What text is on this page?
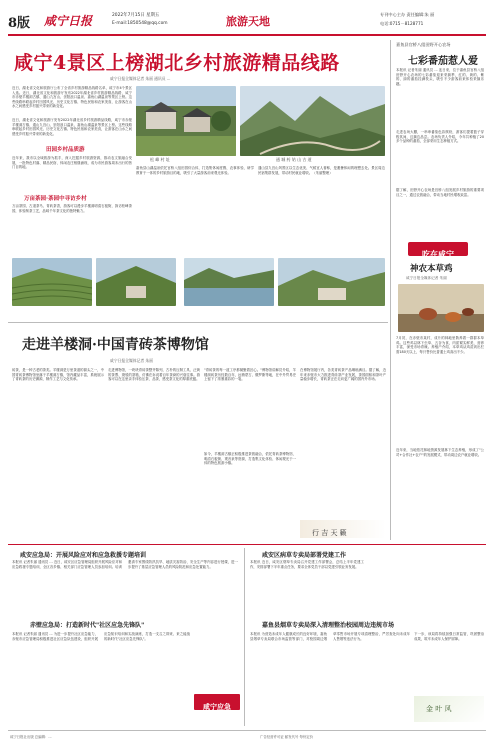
8版 咸宁日报	2022年7月15日 星期五
E-mail:1850548@qq.com	旅游天地
专刊中心主办 责任编辑:朱 丽
电话:0715－8128771
咸宁4景区上榜湖北乡村旅游精品线路
咸宁日报全媒体记者 朱丽 通讯员 ...
近日，湖北省文化和旅游厅公布了全省乡村旅游精品线路名单，咸宁市4个景区入选。近日，湖北省文化和旅游厅发布2022年湖北省乡村旅游精品线路，咸宁市赤壁羊楼洞古镇、通山九宫山、崇阳浪口温泉、嘉鱼山湖温泉等景区上榜。这些线路串联起乡村田园风光、历史文化古镇、特色民宿和农家美食，让游客在山水之间感受乡村振兴带来的新变化。
近日，湖北省文化和旅游厅发布2022年湖北省乡村旅游精品线路，咸宁市赤壁羊楼洞古镇、通山九宫山、崇阳浪口温泉、嘉鱼山湖温泉等景区上榜。这些线路串联起乡村田园风光、历史文化古镇、特色民宿和农家美食，让游客在山水之间感受乡村振兴带来的新变化。
田园乡村品质游
近年来，我市以全域旅游为抓手，深入挖掘乡村旅游资源，推动农文旅融合发展，一批特色村落、精品民宿、休闲农庄相继涌现，成为市民游客周末出行的热门目的地。
万亩茶园·茶园中寻访乡村
万亩茶园、古道茶马、青砖茶香，游客可以漫步羊楼洞明清石板街，探访松峰茶园，体验制茶工艺，品味千年茶文化的独特魅力。
松 峰 村 址	通 城 药 姑 山 古 道
嘉鱼县山湖温泉依托官桥八组田园综合体，打造集休闲度假、农事体验、研学教育于一体的乡村旅游目的地，吸引了大量游客前来观光体验。
通山县九宫山风景区以生态优美、气候宜人著称，是避暑休闲的理想去处。景区周边民宿集群发展，带动村民就业增收。（朱丽整理）
走进羊楼洞·中国青砖茶博物馆
咸宁日报全媒体记者 朱丽
砖茶，是一种古老的茶类。羊楼洞是万里茶道的源头之一，中国青砖茶博物馆坐落于羊楼洞古镇，馆内藏品丰富，系统展示了青砖茶的历史渊源、制作工艺与文化传承。
走进博物馆，一块块青砖茶整齐陈列，古朴的压制工具、泛黄的茶票、斑驳的茶箱，仿佛在诉说着百年茶商的兴衰往事。游客可以在这里亲手体验压茶、品茶，感受茶文化的厚重底蕴。
"青砖茶的每一道工序都凝聚着匠心。"博物馆讲解员介绍，羊楼洞砖茶历经数百年，远销蒙古、俄罗斯等地，在中外贸易史上留下了浓墨重彩的一笔。
如今，羊楼洞古镇正积极推进茶旅融合，依托青砖茶博物馆、明清石板街、观音泉等资源，打造集文化体验、休闲观光于一体的特色旅游小镇。
在博物馆展厅内，各类青砖茶产品琳琅满目。据了解，近年来赤壁市大力推进青砖茶产业发展，茶园面积和茶叶产量稳步增长，青砖茶正在走向更广阔的国内外市场。
行 吉 天 籁
嘉鱼县官桥八组田野开心农场
七彩番茄惹人爱
本报讯 记者朱丽 通讯员 ... 连日来，位于嘉鱼县官桥八组田野开心农场的七彩番茄迎来采摘季，红的、黄的、紫的、绿的番茄挂满枝头，吸引不少游客前来体验采摘乐趣。
走进农场大棚，一串串番茄色彩缤纷，游客们提着篮子穿梭其间，边摘边品尝。农场负责人介绍，今年共种植了20多个品种的番茄，全部采用生态种植方式。
据了解，田野开心农场是官桥八组发展乡村旅游的重要项目之一，通过农旅融合，带动当地村民增收致富。
吃在咸宁
神农本草鸡
咸宁日报全媒体记者 朱丽
7月初，在赤壁市某村，成片的林地里散养着一群群本草鸡。这些鸡以林下虫草、五谷为食，肉质紧实鲜美，营养丰富，深受市场青睐。养殖户介绍，本草鸡从鸡苗到出栏需180天以上，每只售价比普通土鸡高出不少。
近年来，当地依托林地资源发展林下生态养殖，形成了"公司+合作社+农户"的发展模式，带动周边农户就业增收。
咸安应急局：开展风险应对和应急救援专题培训
本报讯 记者朱丽 通讯员 ... 近日，咸安区应急管理局组织开展风险应对和应急救援专题培训，全区各乡镇、相关部门应急管理人员参加培训。培训邀请专家围绕防汛抗旱、地质灾害防治、安全生产等内容进行授课，进一步提升了基层应急管理人员的风险防范和应急处置能力。
赤壁应急局：打造新时代"社区应急先锋队"
本报讯 记者朱丽 通讯员 ... 为进一步提升社区应急能力，赤壁市应急管理局积极推进社区应急队伍建设，组织开展应急知识培训和实战演练，打造一支召之即来、来之能战的新时代"社区应急先锋队"。
咸宁应急
咸安区病草专卖局部署党建工作
本报讯 近日，咸安区烟草专卖局召开党建工作部署会，总结上半年党建工作，安排部署下半年重点任务，要求全体党员干部以党建引领业务发展。
嘉鱼县烟草专卖局深入清理整治校园周边违规市场
本报讯 为营造未成年人健康成长的良好环境，嘉鱼县烟草专卖局联合市场监管等部门，对校园周边烟草零售市场开展专项清理整治，严厉查处向未成年人售烟等违法行为。
下一步，该局将持续加强日常监管，巩固整治成果，筑牢未成年人保护屏障。
金 叶 风
咸宁日报社出版 总编辑：...	广告经营许可证 邮发代号 每份定价
